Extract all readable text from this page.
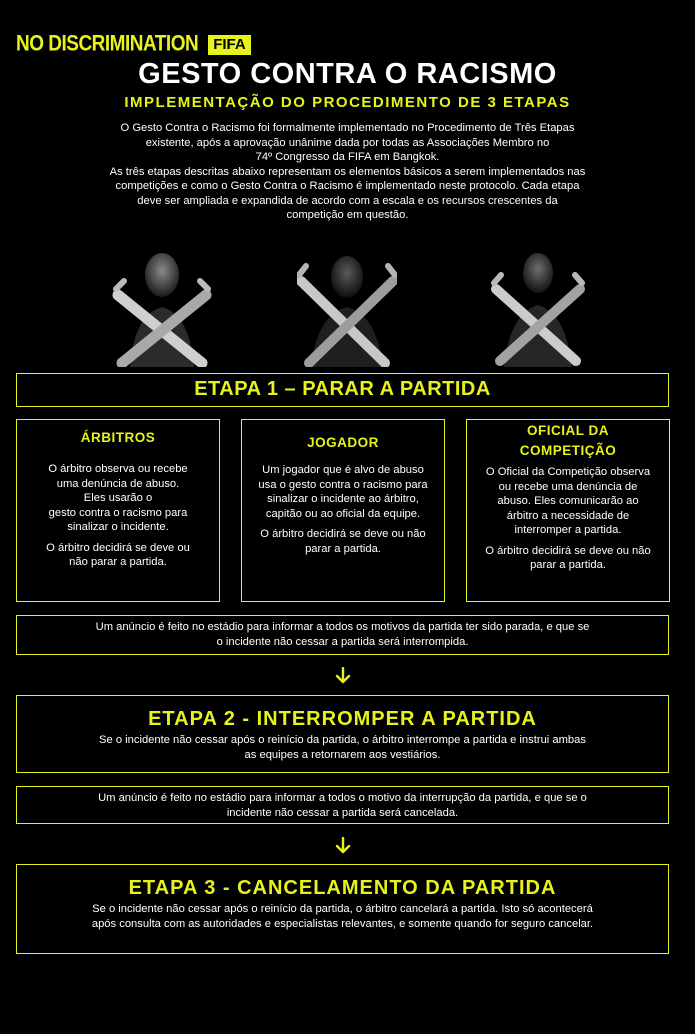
NO DISCRIMINATION	FIFA
GESTO CONTRA O RACISMO
IMPLEMENTAÇÃO DO PROCEDIMENTO DE 3 ETAPAS
O Gesto Contra o Racismo foi formalmente implementado no Procedimento de Três Etapas
existente, após a aprovação unânime dada por todas as Associações Membro no
74º Congresso da FIFA em Bangkok.
As três etapas descritas abaixo representam os elementos básicos a serem implementados nas
competições e como o Gesto Contra o Racismo é implementado neste protocolo. Cada etapa
deve ser ampliada e expandida de acordo com a escala e os recursos crescentes da
competição em questão.
ETAPA 1 – PARAR A PARTIDA
ÁRBITROS
O árbitro observa ou recebe
uma denúncia de abuso.
Eles usarão o
gesto contra o racismo para
sinalizar o incidente.
O árbitro decidirá se deve ou
não parar a partida.
JOGADOR
Um jogador que é alvo de abuso
usa o gesto contra o racismo para
sinalizar o incidente ao árbitro,
capitão ou ao oficial da equipe.
O árbitro decidirá se deve ou não
parar a partida.
OFICIAL DA
COMPETIÇÃO
O Oficial da Competição observa
ou recebe uma denúncia de
abuso. Eles comunicarão ao
árbitro a necessidade de
interromper a partida.
O árbitro decidirá se deve ou não
parar a partida.
Um anúncio é feito no estádio para informar a todos os motivos da partida ter sido parada, e que se
o incidente não cessar a partida será interrompida.
ETAPA 2 - INTERROMPER A PARTIDA
Se o incidente não cessar após o reinício da partida, o árbitro interrompe a partida e instrui ambas
as equipes a retornarem aos vestiários.
Um anúncio é feito no estádio para informar a todos o motivo da interrupção da partida, e que se o
incidente não cessar a partida será cancelada.
ETAPA 3 - CANCELAMENTO DA PARTIDA
Se o incidente não cessar após o reinício da partida, o árbitro cancelará a partida. Isto só acontecerá
após consulta com as autoridades e especialistas relevantes, e somente quando for seguro cancelar.
